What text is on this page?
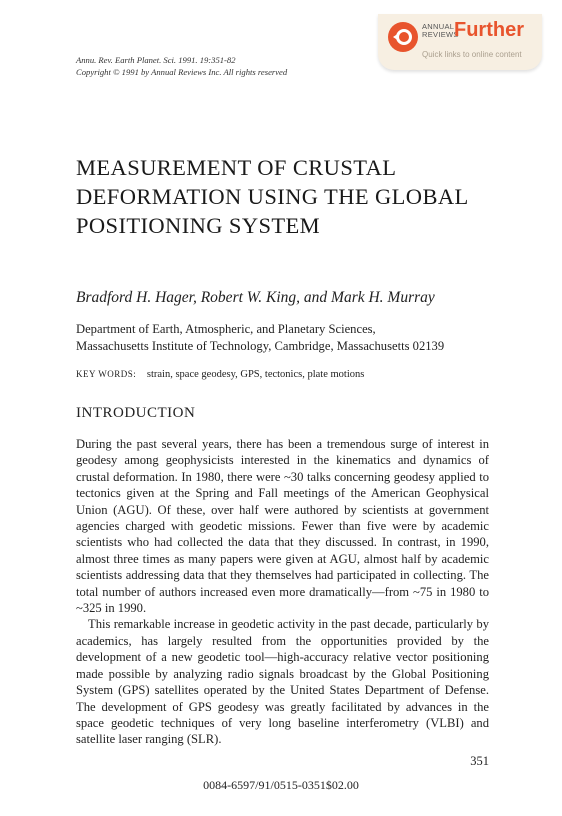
Annu. Rev. Earth Planet. Sci. 1991. 19:351-82
Copyright © 1991 by Annual Reviews Inc. All rights reserved
ANNUAL REVIEWS
Further
Quick links to online content
MEASUREMENT OF CRUSTAL DEFORMATION USING THE GLOBAL POSITIONING SYSTEM
Bradford H. Hager, Robert W. King, and Mark H. Murray
Department of Earth, Atmospheric, and Planetary Sciences,
Massachusetts Institute of Technology, Cambridge, Massachusetts 02139
KEY WORDS: strain, space geodesy, GPS, tectonics, plate motions
INTRODUCTION

During the past several years, there has been a tremendous surge of interest in geodesy among geophysicists interested in the kinematics and dynamics of crustal deformation. In 1980, there were ~30 talks concerning geodesy applied to tectonics given at the Spring and Fall meetings of the American Geophysical Union (AGU). Of these, over half were authored by scientists at government agencies charged with geodetic missions. Fewer than five were by academic scientists who had collected the data that they discussed. In contrast, in 1990, almost three times as many papers were given at AGU, almost half by academic scientists addressing data that they themselves had participated in collecting. The total number of authors increased even more dramatically—from ~75 in 1980 to ~325 in 1990.

This remarkable increase in geodetic activity in the past decade, particularly by academics, has largely resulted from the opportunities provided by the development of a new geodetic tool—high-accuracy relative vector positioning made possible by analyzing radio signals broadcast by the Global Positioning System (GPS) satellites operated by the United States Department of Defense. The development of GPS geodesy was greatly facilitated by advances in the space geodetic techniques of very long baseline interferometry (VLBI) and satellite laser ranging (SLR).

351
0084-6597/91/0515-0351$02.00
